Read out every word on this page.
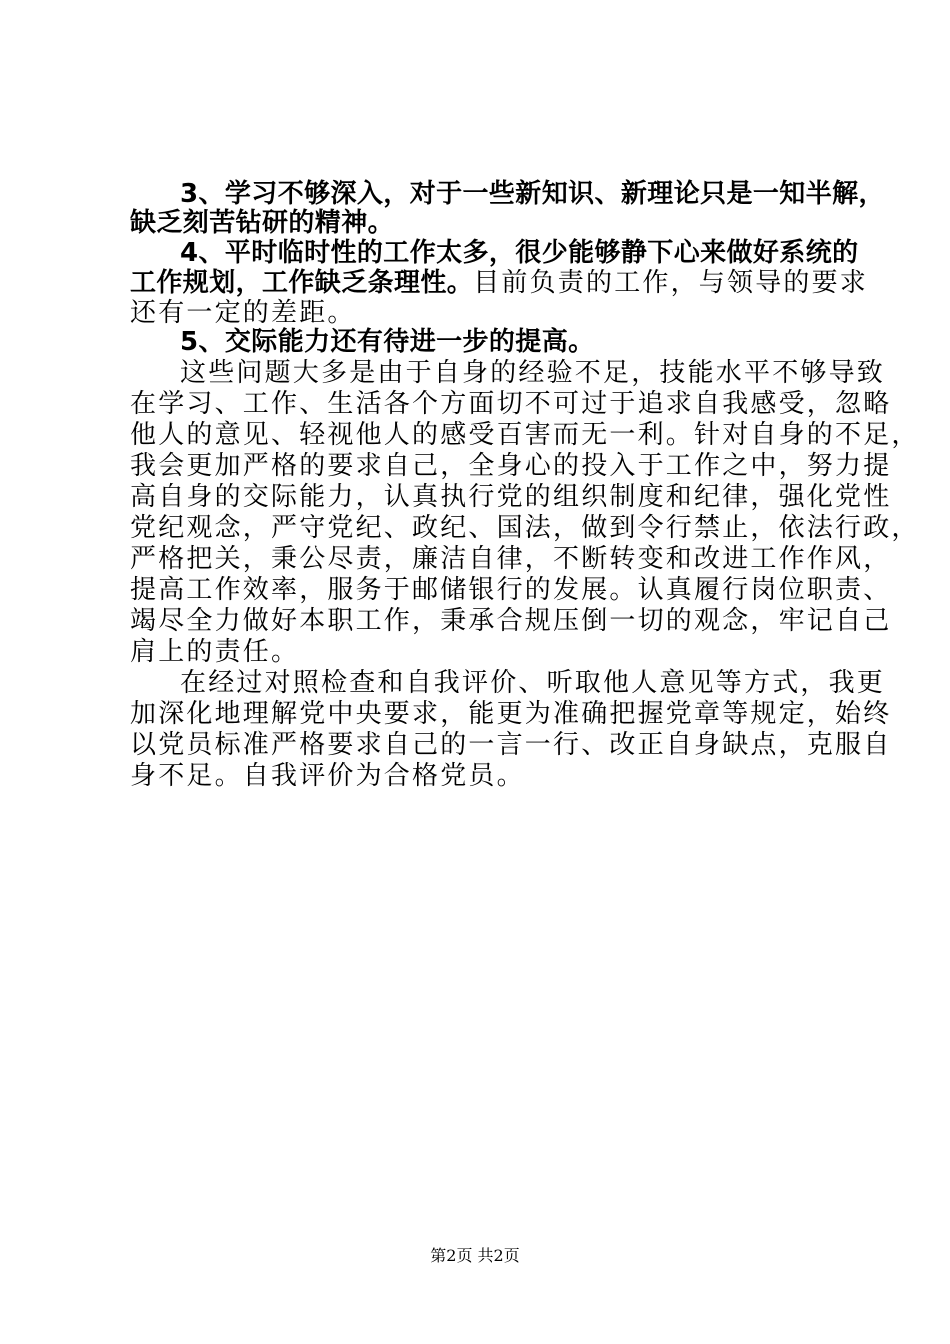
3、学习不够深入，对于一些新知识、新理论只是一知半解，
缺乏刻苦钻研的精神。
4、平时临时性的工作太多，很少能够静下心来做好系统的
工作规划，工作缺乏条理性。目前负责的工作，与领导的要求
还有一定的差距。
5、交际能力还有待进一步的提高。
这些问题大多是由于自身的经验不足，技能水平不够导致
在学习、工作、生活各个方面切不可过于追求自我感受，忽略
他人的意见、轻视他人的感受百害而无一利。针对自身的不足，
我会更加严格的要求自己，全身心的投入于工作之中，努力提
高自身的交际能力，认真执行党的组织制度和纪律，强化党性
党纪观念，严守党纪、政纪、国法，做到令行禁止，依法行政，
严格把关，秉公尽责，廉洁自律，不断转变和改进工作作风，
提高工作效率，服务于邮储银行的发展。认真履行岗位职责、
竭尽全力做好本职工作，秉承合规压倒一切的观念，牢记自己
肩上的责任。
在经过对照检查和自我评价、听取他人意见等方式，我更
加深化地理解党中央要求，能更为准确把握党章等规定，始终
以党员标准严格要求自己的一言一行、改正自身缺点，克服自
身不足。自我评价为合格党员。
第2页 共2页
